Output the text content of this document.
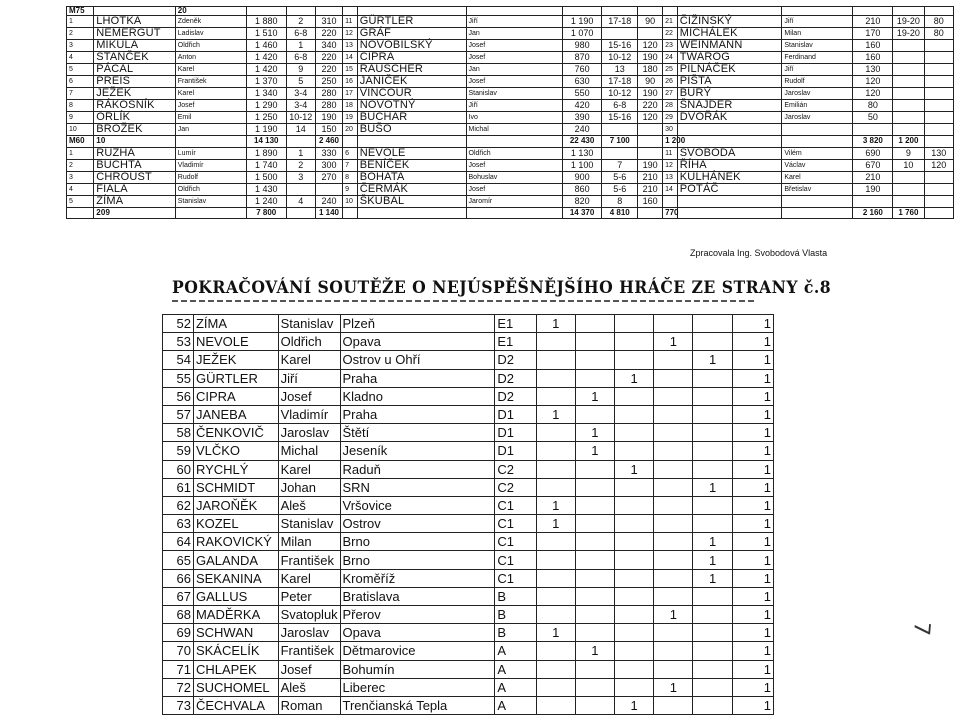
M75		20															
1	LHOTKA	Zdeněk	1 880	2	310	11	GÜRTLER	Jiří	1 190	17-18	90	21	ČIŽINSKÝ	Jiří	210	19-20	80
2	NEMERGUT	Ladislav	1 510	6-8	220	12	GRÁF	Jan	1 070			22	MICHÁLEK	Milan	170	19-20	80
3	MIKULA	Oldřich	1 460	1	340	13	NOVOBILSKÝ	Josef	980	15-16	120	23	WEINMANN	Stanislav	160		
4	STANČEK	Anton	1 420	6-8	220	14	CIPRA	Josef	870	10-12	190	24	TWAROG	Ferdinand	160		
5	PÁCAL	Karel	1 420	9	220	15	RAUSCHER	Jan	760	13	180	25	PILNÁČEK	Jiří	130		
6	PREIS	František	1 370	5	250	16	JANIČEK	Josef	630	17-18	90	26	PIŠTA	Rudolf	120		
7	JEŽEK	Karel	1 340	3-4	280	17	VINCOUR	Stanislav	550	10-12	190	27	BURÝ	Jaroslav	120		
8	RÁKOSNÍK	Josef	1 290	3-4	280	18	NOVOTNÝ	Jiří	420	6-8	220	28	ŠNAJDER	Emilián	80		
9	ORLÍK	Emil	1 250	10-12	190	19	BUCHAR	Ivo	390	15-16	120	29	DVOŘÁK	Jaroslav	50		
10	BROŽEK	Jan	1 190	14	150	20	BUŠO	Michal	240			30					
M60	10		14 130		2 460				22 430	7 100		1 200			3 820	1 200	
1	RUZHA	Lumír	1 890	1	330	6	NEVOLE	Oldřich	1 130			11	SVOBODA	Vilém	690	9	130
2	BUCHTA	Vladimír	1 740	2	300	7	BENÍČEK	Josef	1 100	7	190	12	ŘÍHA	Václav	670	10	120
3	CHROUST	Rudolf	1 500	3	270	8	BOHATA	Bohuslav	900	5-6	210	13	KULHÁNEK	Karel	210		
4	FIALA	Oldřich	1 430			9	ČERMÁK	Josef	860	5-6	210	14	POTÁČ	Břetislav	190		
5	ZÍMA	Stanislav	1 240	4	240	10	ŠKUBAL	Jaromír	820	8	160						
	209		7 800		1 140				14 370	4 810		770			2 160	1 760	
Zpracovala Ing. Svobodová Vlasta
POKRAČOVÁNÍ SOUTĚŽE O NEJÚSPĚŠNĚJŠÍHO HRÁČE ZE STRANY č.8
52	ZÍMA	Stanislav	Plzeň	E1	1					1
53	NEVOLE	Oldřich	Opava	E1				1		1
54	JEŽEK	Karel	Ostrov u Ohří	D2					1	1
55	GÜRTLER	Jiří	Praha	D2			1			1
56	CIPRA	Josef	Kladno	D2		1				1
57	JANEBA	Vladimír	Praha	D1	1					1
58	ČENKOVIČ	Jaroslav	Štětí	D1		1				1
59	VLČKO	Michal	Jeseník	D1		1				1
60	RYCHLÝ	Karel	Raduň	C2			1			1
61	SCHMIDT	Johan	SRN	C2					1	1
62	JAROŇĚK	Aleš	Vršovice	C1	1					1
63	KOZEL	Stanislav	Ostrov	C1	1					1
64	RAKOVICKÝ	Milan	Brno	C1					1	1
65	GALANDA	František	Brno	C1					1	1
66	SEKANINA	Karel	Kroměříž	C1					1	1
67	GALLUS	Peter	Bratislava	B						1
68	MADĚRKA	Svatopluk	Přerov	B				1		1
69	SCHWAN	Jaroslav	Opava	B	1					1
70	SKÁCELÍK	František	Dětmarovice	A		1				1
71	CHLAPEK	Josef	Bohumín	A						1
72	SUCHOMEL	Aleš	Liberec	A				1		1
73	ČECHVALA	Roman	Trenčianská Tepla	A			1			1
7
